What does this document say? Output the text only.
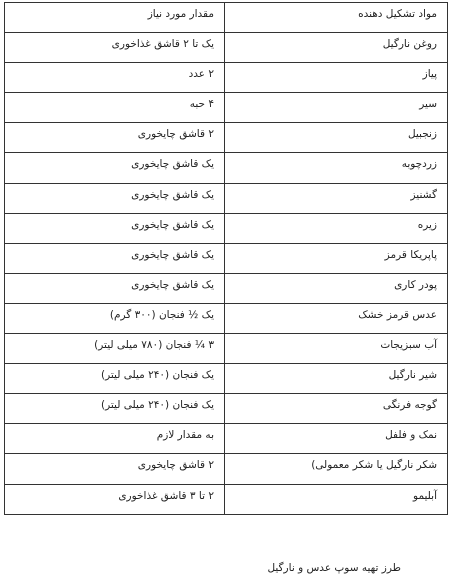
مواد تشکیل دهنده	مقدار مورد نیاز
روغن نارگیل	یک تا ۲ قاشق غذاخوری
پیاز	۲ عدد
سیر	۴ حبه
زنجبیل	۲ قاشق چایخوری
زردچوبه	یک قاشق چایخوری
گشنیز	یک قاشق چایخوری
زیره	یک قاشق چایخوری
پاپریکا قرمز	یک قاشق چایخوری
پودر کاری	یک قاشق چایخوری
عدس قرمز خشک	یک ½ فنجان (۳۰۰ گرم)
آب سبزیجات	۳ ¼ فنجان (۷۸۰ میلی لیتر)
شیر نارگیل	یک فنجان (۲۴۰ میلی لیتر)
گوجه فرنگی	یک فنجان (۲۴۰ میلی لیتر)
نمک و فلفل	به مقدار لازم
شکر نارگیل یا شکر معمولی)	۲ قاشق چایخوری
آبلیمو	۲ تا ۳ قاشق غذاخوری
طرز تهیه سوپ عدس و نارگیل
